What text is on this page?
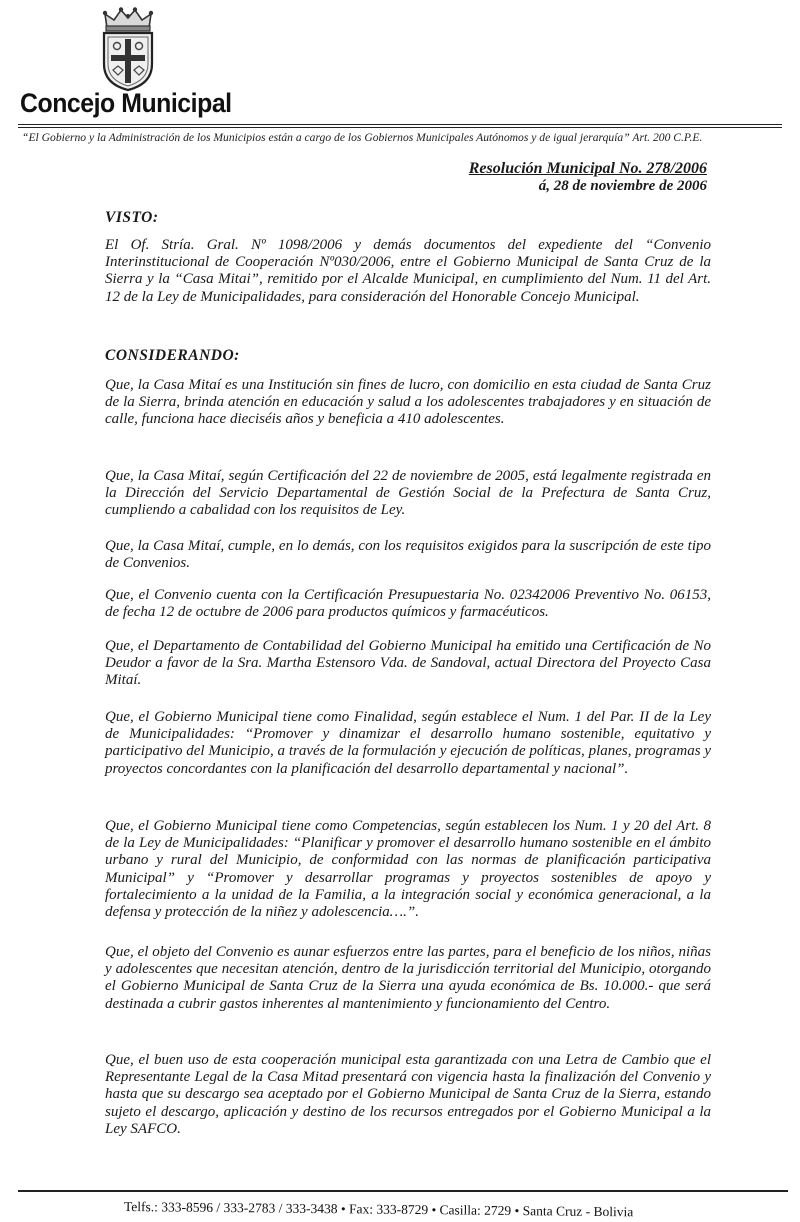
Concejo Municipal
“El Gobierno y la Administración de los Municipios están a cargo de los Gobiernos Municipales Autónomos y de igual jerarquía” Art. 200 C.P.E.
Resolución Municipal No. 278/2006
á, 28 de noviembre de 2006
VISTO:

El Of. Stría. Gral. Nº 1098/2006 y demás documentos del expediente del “Convenio Interinstitucional de Cooperación Nº030/2006, entre el Gobierno Municipal de Santa Cruz de la Sierra y la “Casa Mitai”, remitido por el Alcalde Municipal, en cumplimiento del Num. 11 del Art. 12 de la Ley de Municipalidades, para consideración del Honorable Concejo Municipal.

CONSIDERANDO:

Que, la Casa Mitaí es una Institución sin fines de lucro, con domicilio en esta ciudad de Santa Cruz de la Sierra, brinda atención en educación y salud a los adolescentes trabajadores y en situación de calle, funciona hace dieciséis años y beneficia a 410 adolescentes.

Que, la Casa Mitaí, según Certificación del 22 de noviembre de 2005, está legalmente registrada en la Dirección del Servicio Departamental de Gestión Social de la Prefectura de Santa Cruz, cumpliendo a cabalidad con los requisitos de Ley.

Que, la Casa Mitaí, cumple, en lo demás, con los requisitos exigidos para la suscripción de este tipo de Convenios.

Que, el Convenio cuenta con la Certificación Presupuestaria No. 02342006 Preventivo No. 06153, de fecha 12 de octubre de 2006 para productos químicos y farmacéuticos.

Que, el Departamento de Contabilidad del Gobierno Municipal ha emitido una Certificación de No Deudor a favor de la Sra. Martha Estensoro Vda. de Sandoval, actual Directora del Proyecto Casa Mitaí.

Que, el Gobierno Municipal tiene como Finalidad, según establece el Num. 1 del Par. II de la Ley de Municipalidades: “Promover y dinamizar el desarrollo humano sostenible, equitativo y participativo del Municipio, a través de la formulación y ejecución de políticas, planes, programas y proyectos concordantes con la planificación del desarrollo departamental y nacional”.

Que, el Gobierno Municipal tiene como Competencias, según establecen los Num. 1 y 20 del Art. 8 de la Ley de Municipalidades: “Planificar y promover el desarrollo humano sostenible en el ámbito urbano y rural del Municipio, de conformidad con las normas de planificación participativa Municipal” y “Promover y desarrollar programas y proyectos sostenibles de apoyo y fortalecimiento a la unidad de la Familia, a la integración social y económica generacional, a la defensa y protección de la niñez y adolescencia….”.

Que, el objeto del Convenio es aunar esfuerzos entre las partes, para el beneficio de los niños, niñas y adolescentes que necesitan atención, dentro de la jurisdicción territorial del Municipio, otorgando el Gobierno Municipal de Santa Cruz de la Sierra una ayuda económica de Bs. 10.000.- que será destinada a cubrir gastos inherentes al mantenimiento y funcionamiento del Centro.

Que, el buen uso de esta cooperación municipal esta garantizada con una Letra de Cambio que el Representante Legal de la Casa Mitad presentará con vigencia hasta la finalización del Convenio y hasta que su descargo sea aceptado por el Gobierno Municipal de Santa Cruz de la Sierra, estando sujeto el descargo, aplicación y destino de los recursos entregados por el Gobierno Municipal a la Ley SAFCO.

Telfs.: 333-8596 / 333-2783 / 333-3438 • Fax: 333-8729 • Casilla: 2729 • Santa Cruz - Bolivia
